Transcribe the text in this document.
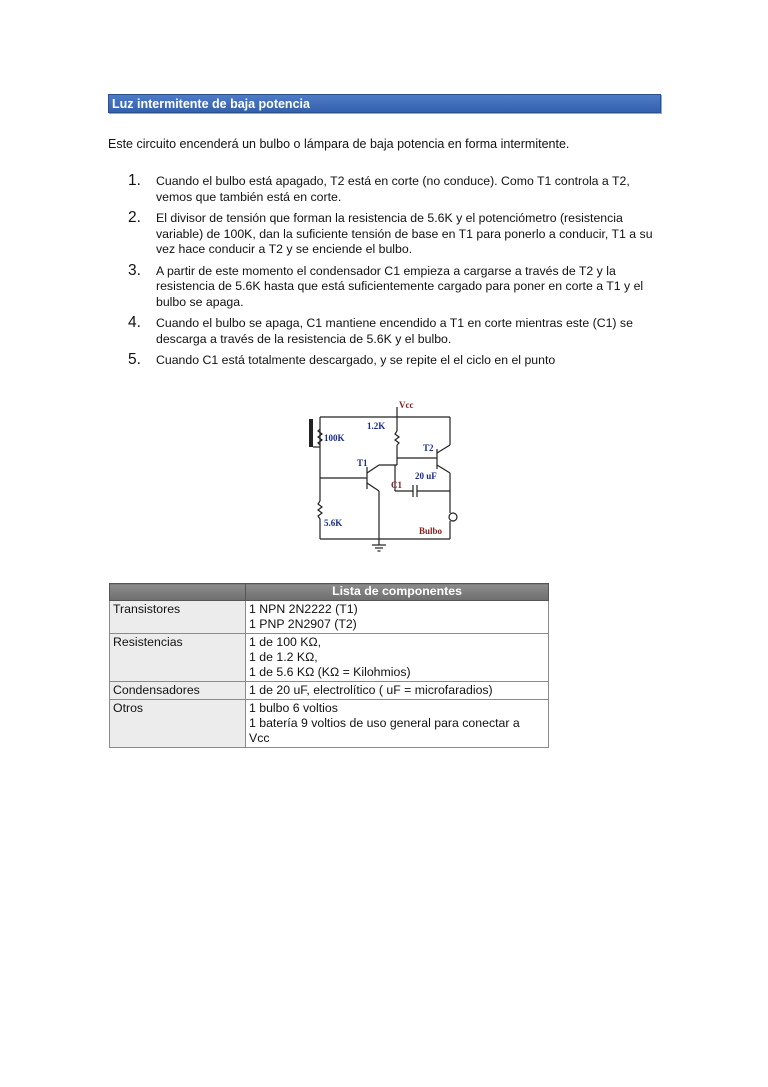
Luz intermitente de baja potencia
Este circuito encenderá un bulbo o lámpara de baja potencia en forma intermitente.
1. Cuando el bulbo está apagado, T2 está en corte (no conduce). Como T1 controla a T2, vemos que también está en corte.
2. El divisor de tensión que forman la resistencia de 5.6K y el potenciómetro (resistencia variable) de 100K, dan la suficiente tensión de base en T1 para ponerlo a conducir, T1 a su vez hace conducir a T2 y se enciende el bulbo.
3. A partir de este momento el condensador C1 empieza a cargarse a través de T2 y la resistencia de 5.6K hasta que está suficientemente cargado para poner en corte a T1 y el bulbo se apaga.
4. Cuando el bulbo se apaga, C1 mantiene encendido a T1 en corte mientras este (C1) se descarga a través de la resistencia de 5.6K y el bulbo.
5. Cuando C1 está totalmente descargado, y se repite el el ciclo en el punto
Vcc
1.2K
100K
T2
T1
20 uF
C1
5.6K
Bulbo
	Lista de componentes
Transistores	1 NPN 2N2222 (T1)
1 PNP 2N2907 (T2)

Resistencias	1 de 100 KΩ,
1 de 1.2 KΩ,
1 de 5.6 KΩ (KΩ = Kilohmios)

Condensadores	1 de 20 uF, electrolítico ( uF = microfaradios)

Otros	1 bulbo 6 voltios
1 batería 9 voltios de uso general para conectar a
Vcc
